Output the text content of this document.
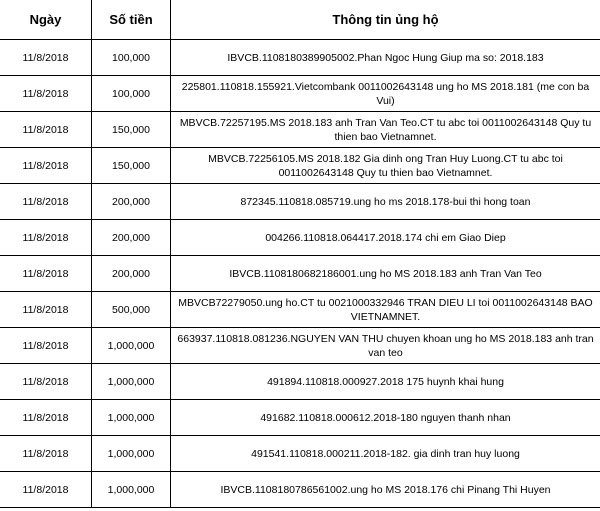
Ngày	Số tiền	Thông tin ủng hộ
11/8/2018	100,000	IBVCB.1108180389905002.Phan Ngoc Hung Giup ma so: 2018.183
11/8/2018	100,000	225801.110818.155921.Vietcombank 0011002643148 ung ho MS 2018.181 (me con ba Vui)
11/8/2018	150,000	MBVCB.72257195.MS 2018.183 anh Tran Van Teo.CT tu abc toi 0011002643148 Quy tu thien bao Vietnamnet.
11/8/2018	150,000	MBVCB.72256105.MS 2018.182 Gia dinh ong Tran Huy Luong.CT tu abc toi 0011002643148 Quy tu thien bao Vietnamnet.
11/8/2018	200,000	872345.110818.085719.ung ho ms 2018.178-bui thi hong toan
11/8/2018	200,000	004266.110818.064417.2018.174 chi em Giao Diep
11/8/2018	200,000	IBVCB.1108180682186001.ung ho MS 2018.183 anh Tran Van Teo
11/8/2018	500,000	MBVCB72279050.ung ho.CT tu 0021000332946 TRAN DIEU LI toi 0011002643148 BAO VIETNAMNET.
11/8/2018	1,000,000	663937.110818.081236.NGUYEN VAN THU chuyen khoan ung ho MS 2018.183 anh tran van teo
11/8/2018	1,000,000	491894.110818.000927.2018 175 huynh khai hung
11/8/2018	1,000,000	491682.110818.000612.2018-180 nguyen thanh nhan
11/8/2018	1,000,000	491541.110818.000211.2018-182. gia dinh tran huy luong
11/8/2018	1,000,000	IBVCB.1108180786561002.ung ho MS 2018.176 chi Pinang Thi Huyen
